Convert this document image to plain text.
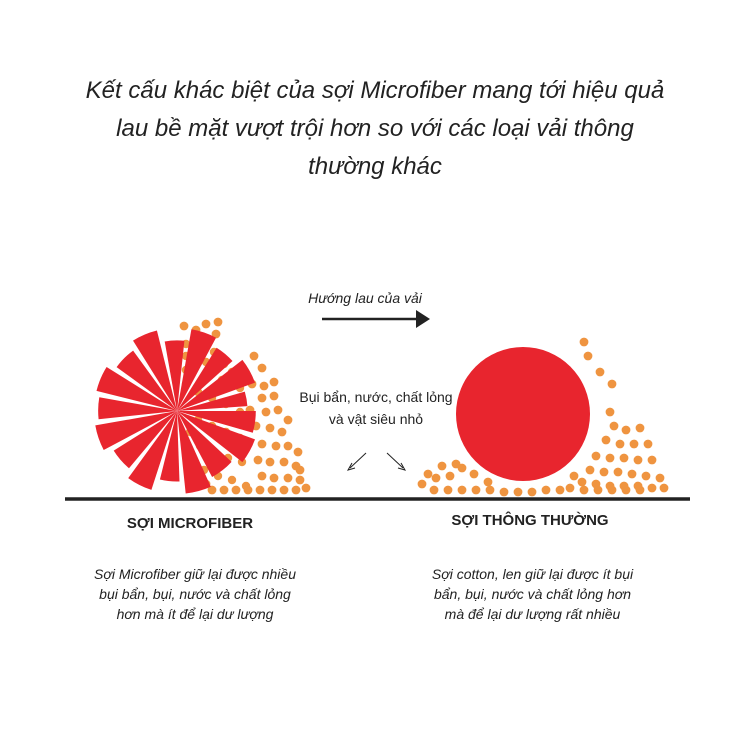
Kết cấu khác biệt của sợi Microfiber mang tới hiệu quả lau bề mặt vượt trội hơn so với các loại vải thông thường khác
Hướng lau của vải
Bụi bẩn, nước, chất lỏng và vật siêu nhỏ
SỢI MICROFIBER	SỢI THÔNG THƯỜNG
Sợi Microfiber giữ lại được nhiều bụi bẩn, bụi, nước và chất lỏng hơn mà ít để lại dư lượng
Sợi cotton, len giữ lại được ít bụi bẩn, bụi, nước và chất lỏng hơn mà để lại dư lượng rất nhiều
